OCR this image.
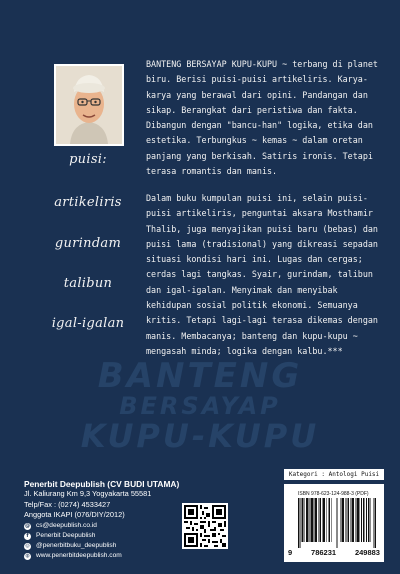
puisi:
artikeliris
gurindam
talibun
igal-igalan

BANTENG BERSAYAP KUPU-KUPU ~ terbang di planet biru. Berisi puisi-puisi artikeliris. Karya-karya yang berawal dari opini. Pandangan dan sikap. Berangkat dari peristiwa dan fakta. Dibangun dengan "bancu-han" logika, etika dan estetika. Terbungkus ~ kemas ~ dalam oretan panjang yang berkisah. Satiris ironis. Tetapi terasa romantis dan manis.

Dalam buku kumpulan puisi ini, selain puisi-puisi artikeliris, penguntai aksara Mosthamir Thalib, juga menyajikan puisi baru (bebas) dan puisi lama (tradisional) yang dikreasi sepadan situasi kondisi hari ini. Lugas dan cergas; cerdas lagi tangkas. Syair, gurindam, talibun dan igal-igalan. Menyimak dan menyibak kehidupan sosial politik ekonomi. Semuanya kritis. Tetapi lagi-lagi terasa dikemas dengan manis. Membacanya; banteng dan kupu-kupu ~ mengasah minda; logika dengan kalbu.***

BANTENG
BERSAYAP
KUPU-KUPU
Penerbit Deepublish (CV BUDI UTAMA)
Jl. Kaliurang Km 9,3 Yogyakarta 55581
Telp/Fax : (0274) 4533427
Anggota IKAPI (076/DIY/2012)
@ cs@deepublish.co.id
f	Penerbit Deepublish
◎ @penerbitbuku_deepublish
◍ www.penerbitdeepublish.com
Kategori : Antologi Puisi
ISBN 978-623-124-988-3 (PDF)
9	786231	249883
